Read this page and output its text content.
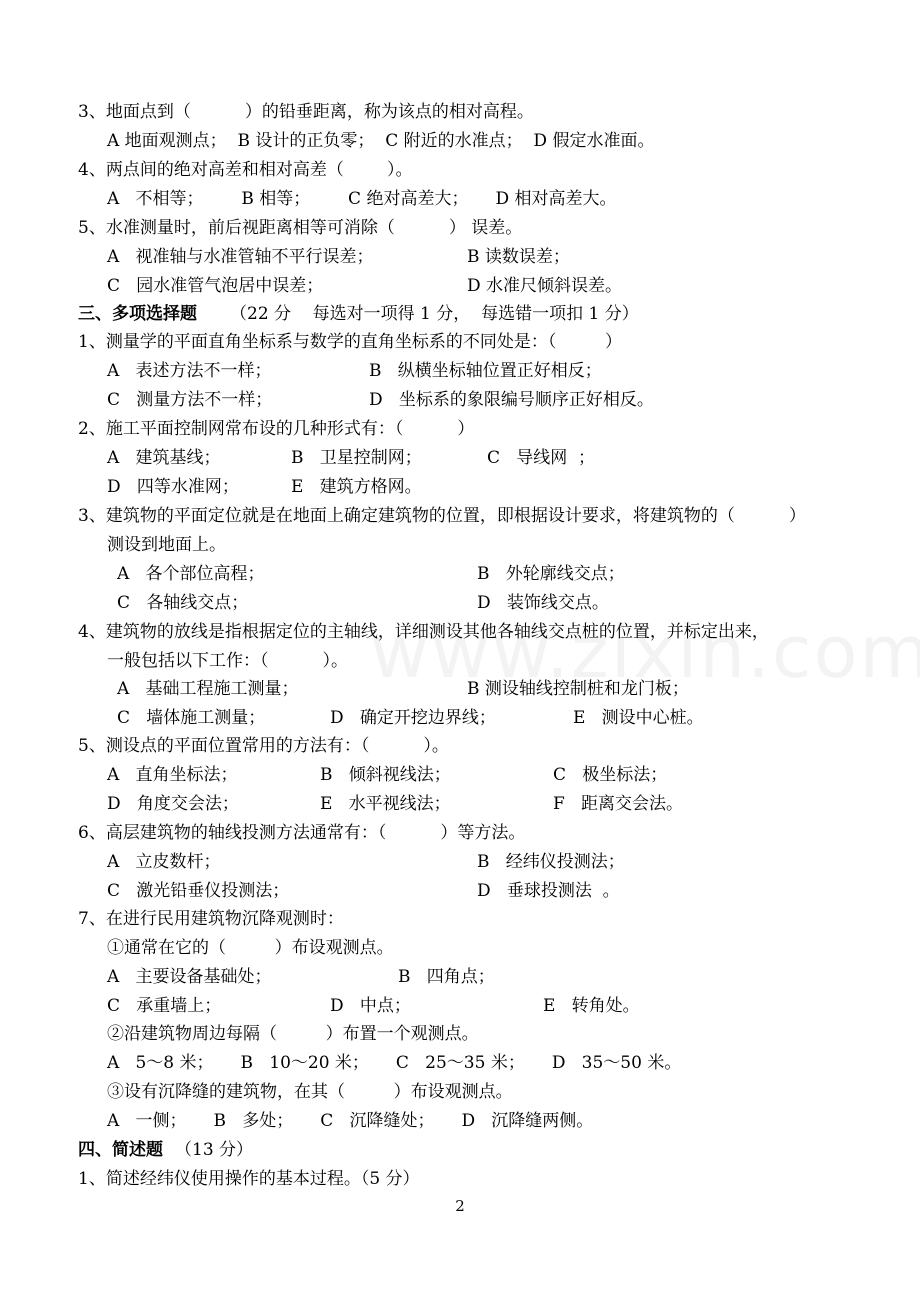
3、地面点到（          ）的铅垂距离，称为该点的相对高程。
A 地面观测点；  B 设计的正负零；  C 附近的水准点；  D 假定水准面。
4、两点间的绝对高差和相对高差（        ）。
A   不相等；       B 相等；       C 绝对高差大；     D 相对高差大。
5、水准测量时，前后视距离相等可消除（          ） 误差。
A   视准轴与水准管轴不平行误差；	B 读数误差；
C   园水准管气泡居中误差；	D 水准尺倾斜误差。
三、多项选择题 （22 分    每选对一项得 1 分，  每选错一项扣 1 分）
1、测量学的平面直角坐标系与数学的直角坐标系的不同处是：（         ）
A   表述方法不一样；	B   纵横坐标轴位置正好相反；
C   测量方法不一样；	D   坐标系的象限编号顺序正好相反。
2、施工平面控制网常布设的几种形式有：（          ）
A   建筑基线；	B   卫星控制网；	C   导线网  ；
D   四等水准网；	E   建筑方格网。
3、建筑物的平面定位就是在地面上确定建筑物的位置，即根据设计要求，将建筑物的（          ）
测设到地面上。
A   各个部位高程；	B   外轮廓线交点；
C   各轴线交点；	D   装饰线交点。
4、建筑物的放线是指根据定位的主轴线，详细测设其他各轴线交点桩的位置，并标定出来，
一般包括以下工作：（          ）。
A   基础工程施工测量；	B 测设轴线控制桩和龙门板；
C   墙体施工测量；	D   确定开挖边界线；	E   测设中心桩。
5、测设点的平面位置常用的方法有：（          ）。
A   直角坐标法；	B   倾斜视线法；	C   极坐标法；
D   角度交会法；	E   水平视线法；	F   距离交会法。
6、高层建筑物的轴线投测方法通常有：（          ）等方法。
A   立皮数杆；	B   经纬仪投测法；
C   激光铅垂仪投测法；	D   垂球投测法  。
7、在进行民用建筑物沉降观测时：
①通常在它的（         ）布设观测点。
A   主要设备基础处；	B   四角点；
C   承重墙上；	D   中点；	E   转角处。
②沿建筑物周边每隔（         ）布置一个观测点。
A   5～8 米；     B   10～20 米；     C   25～35 米；     D   35～50 米。
③设有沉降缝的建筑物，在其（         ）布设观测点。
A   一侧；     B   多处；     C   沉降缝处；     D   沉降缝两侧。
四、简述题 （13 分）
1、简述经纬仪使用操作的基本过程。（5 分）
2
